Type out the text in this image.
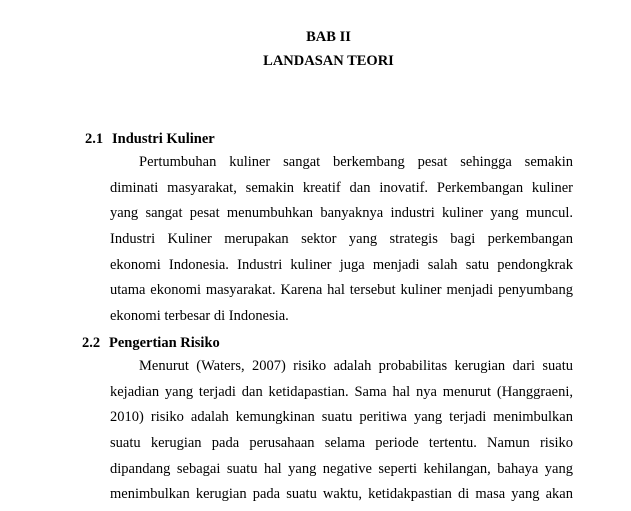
BAB II
LANDASAN TEORI
2.1 Industri Kuliner
Pertumbuhan kuliner sangat berkembang pesat sehingga semakin
diminati masyarakat, semakin kreatif dan inovatif. Perkembangan kuliner
yang sangat pesat menumbuhkan banyaknya industri kuliner yang muncul.
Industri Kuliner merupakan sektor yang strategis bagi perkembangan
ekonomi Indonesia. Industri kuliner juga menjadi salah satu pendongkrak
utama ekonomi masyarakat. Karena hal tersebut kuliner menjadi penyumbang
ekonomi terbesar di Indonesia.
2.2 Pengertian Risiko
Menurut (Waters, 2007) risiko adalah probabilitas kerugian dari suatu
kejadian yang terjadi dan ketidapastian. Sama hal nya menurut (Hanggraeni,
2010) risiko adalah kemungkinan suatu peritiwa yang terjadi menimbulkan
suatu kerugian pada perusahaan selama periode tertentu. Namun risiko
dipandang sebagai suatu hal yang negative seperti kehilangan, bahaya yang
menimbulkan kerugian pada suatu waktu, ketidakpastian di masa yang akan
